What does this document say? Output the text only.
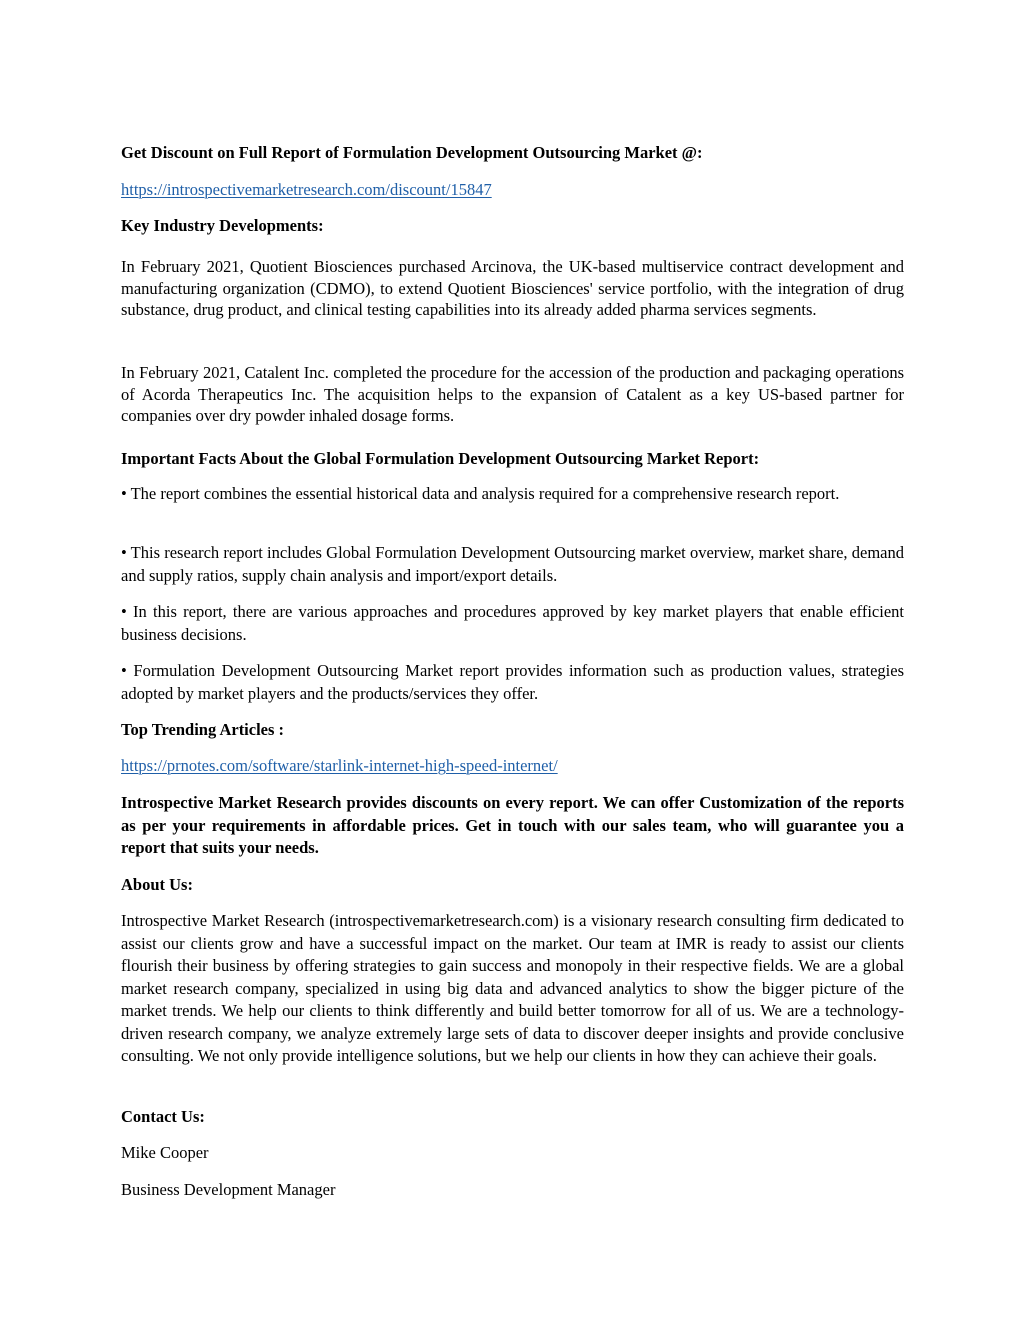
Get Discount on Full Report of Formulation Development Outsourcing Market @:

https://introspectivemarketresearch.com/discount/15847

Key Industry Developments:

In February 2021, Quotient Biosciences purchased Arcinova, the UK-based multiservice contract development and manufacturing organization (CDMO), to extend Quotient Biosciences' service portfolio, with the integration of drug substance, drug product, and clinical testing capabilities into its already added pharma services segments.

In February 2021, Catalent Inc. completed the procedure for the accession of the production and packaging operations of Acorda Therapeutics Inc. The acquisition helps to the expansion of Catalent as a key US-based partner for companies over dry powder inhaled dosage forms.

Important Facts About the Global Formulation Development Outsourcing Market Report:

• The report combines the essential historical data and analysis required for a comprehensive research report.

• This research report includes Global Formulation Development Outsourcing market overview, market share, demand and supply ratios, supply chain analysis and import/export details.

• In this report, there are various approaches and procedures approved by key market players that enable efficient business decisions.

• Formulation Development Outsourcing Market report provides information such as production values, strategies adopted by market players and the products/services they offer.

Top Trending Articles :

https://prnotes.com/software/starlink-internet-high-speed-internet/

Introspective Market Research provides discounts on every report. We can offer Customization of the reports as per your requirements in affordable prices. Get in touch with our sales team, who will guarantee you a report that suits your needs.

About Us:

Introspective Market Research (introspectivemarketresearch.com) is a visionary research consulting firm dedicated to assist our clients grow and have a successful impact on the market. Our team at IMR is ready to assist our clients flourish their business by offering strategies to gain success and monopoly in their respective fields. We are a global market research company, specialized in using big data and advanced analytics to show the bigger picture of the market trends. We help our clients to think differently and build better tomorrow for all of us. We are a technology-driven research company, we analyze extremely large sets of data to discover deeper insights and provide conclusive consulting. We not only provide intelligence solutions, but we help our clients in how they can achieve their goals.

Contact Us:

Mike Cooper

Business Development Manager
